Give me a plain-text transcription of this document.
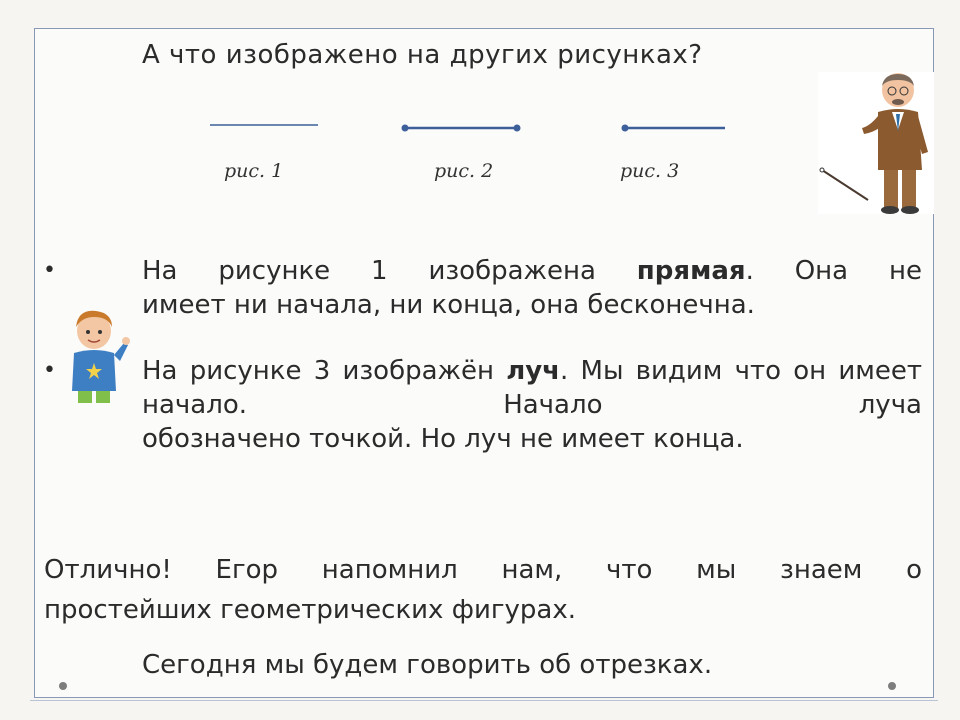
А что изображено на других рисунках?
рис. 1	рис. 2	рис. 3
•	На рисунке 1 изображена прямая. Она не
имеет ни начала, ни конца, она бесконечна.
•	На рисунке 3 изображён луч. Мы видим что он имеет начало. Начало луча
обозначено точкой. Но луч не имеет конца.
Отлично! Егор напомнил нам, что мы знаем о
простейших геометрических фигурах.
Сегодня мы будем говорить об отрезках.
